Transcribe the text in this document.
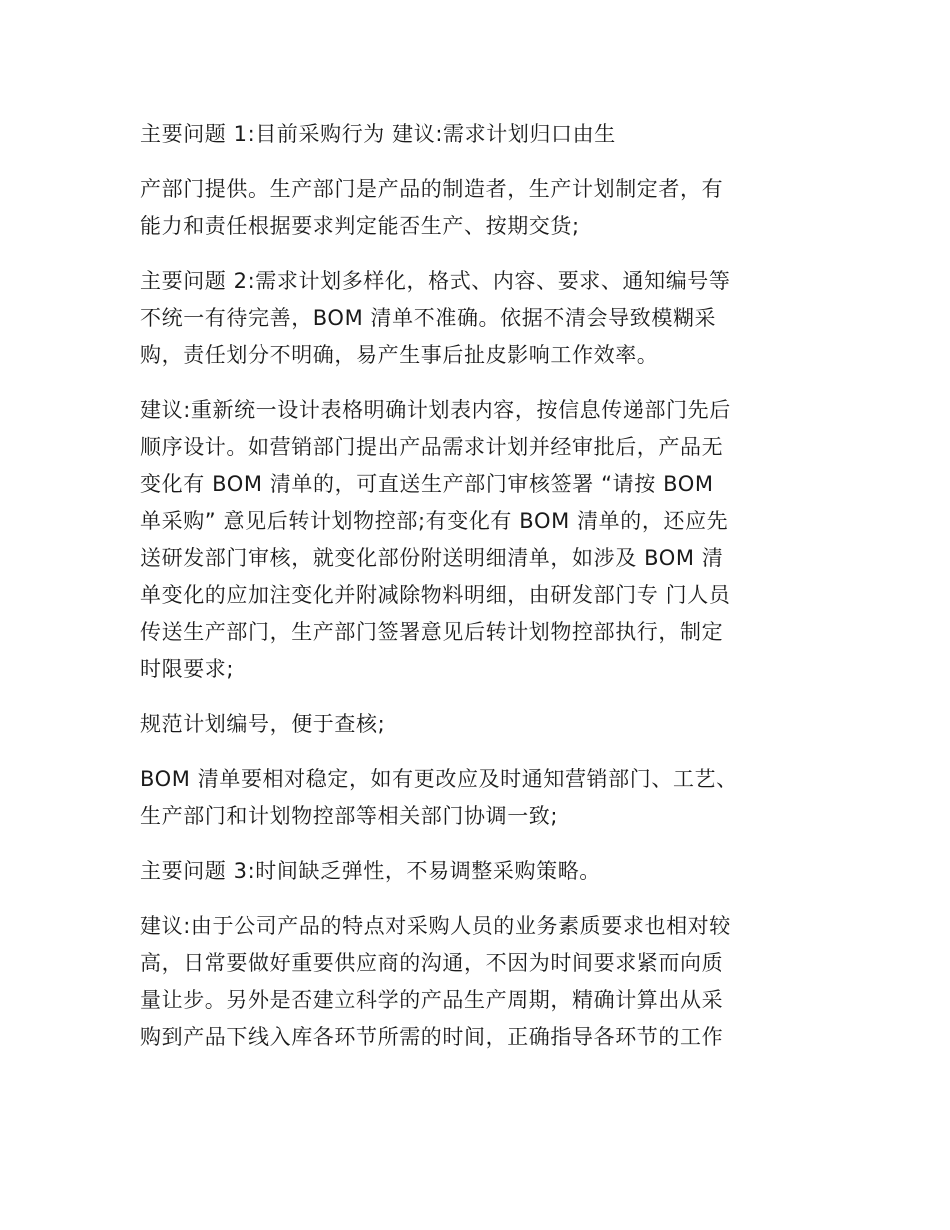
主要问题 1:目前采购行为 建议:需求计划归口由生
产部门提供。生产部门是产品的制造者，生产计划制定者，有
能力和责任根据要求判定能否生产、按期交货;
主要问题 2:需求计划多样化，格式、内容、要求、通知编号等
不统一有待完善，BOM 清单不准确。依据不清会导致模糊采
购，责任划分不明确，易产生事后扯皮影响工作效率。
建议:重新统一设计表格明确计划表内容，按信息传递部门先后
顺序设计。如营销部门提出产品需求计划并经审批后，产品无
变化有 BOM 清单的，可直送生产部门审核签署 “请按 BOM
单采购” 意见后转计划物控部;有变化有 BOM 清单的，还应先
送研发部门审核，就变化部份附送明细清单，如涉及 BOM 清
单变化的应加注变化并附减除物料明细，由研发部门专 门人员
传送生产部门，生产部门签署意见后转计划物控部执行，制定
时限要求;
规范计划编号，便于查核;
BOM 清单要相对稳定，如有更改应及时通知营销部门、工艺、
生产部门和计划物控部等相关部门协调一致;
主要问题 3:时间缺乏弹性，不易调整采购策略。
建议:由于公司产品的特点对采购人员的业务素质要求也相对较
高，日常要做好重要供应商的沟通，不因为时间要求紧而向质
量让步。另外是否建立科学的产品生产周期，精确计算出从采
购到产品下线入库各环节所需的时间，正确指导各环节的工作
